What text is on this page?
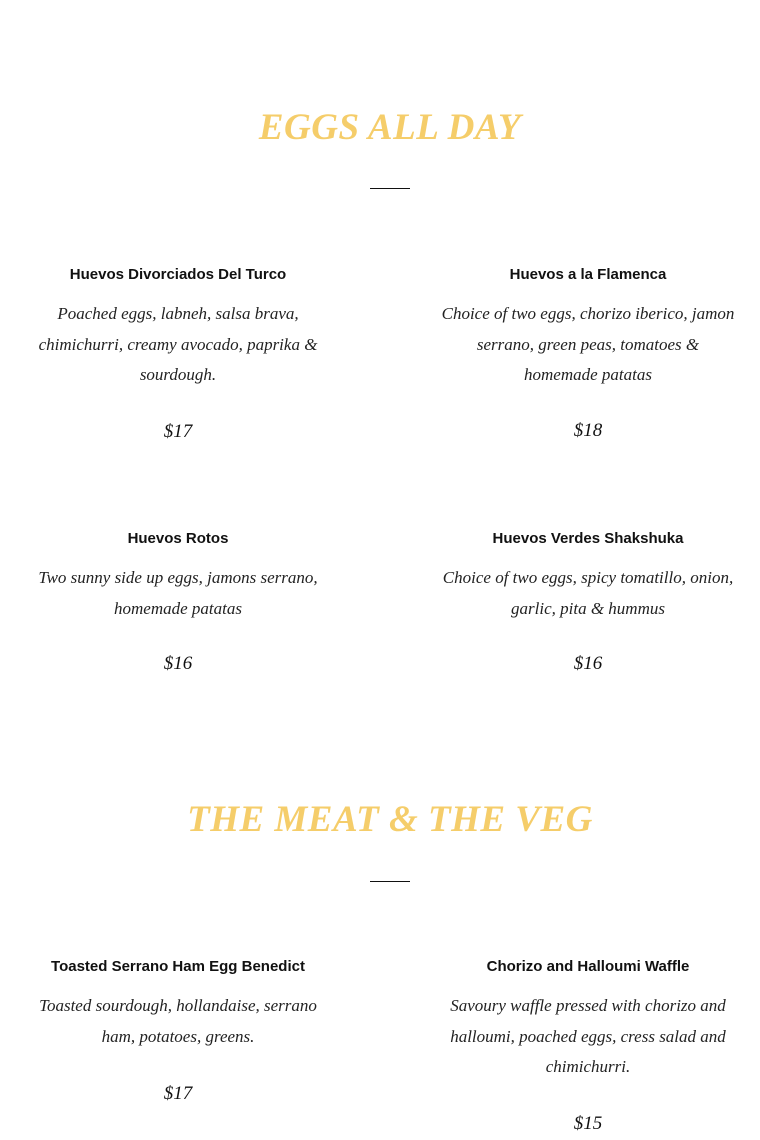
EGGS ALL DAY
Huevos Divorciados Del Turco

Poached eggs, labneh, salsa brava, chimichurri, creamy avocado, paprika & sourdough.

$17

Huevos a la Flamenca

Choice of two eggs, chorizo iberico, jamon serrano, green peas, tomatoes & homemade patatas

$18

Huevos Rotos

Two sunny side up eggs, jamons serrano, homemade patatas

$16

Huevos Verdes Shakshuka

Choice of two eggs, spicy tomatillo, onion, garlic, pita & hummus

$16

THE MEAT & THE VEG
Toasted Serrano Ham Egg Benedict

Toasted sourdough, hollandaise, serrano ham, potatoes, greens.

$17

Chorizo and Halloumi Waffle

Savoury waffle pressed with chorizo and halloumi, poached eggs, cress salad and chimichurri.

$15
